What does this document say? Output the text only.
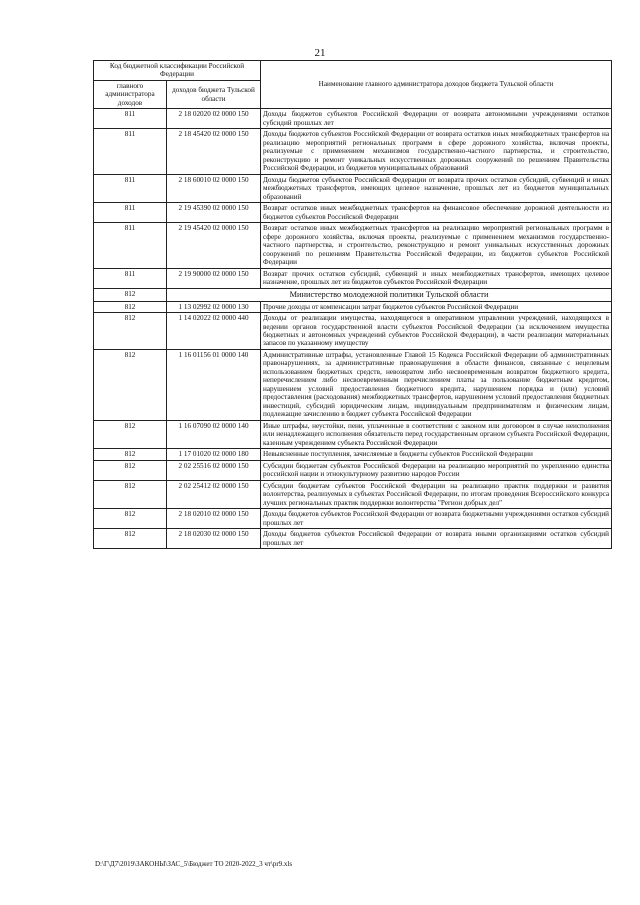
21
Код бюджетной классификации Российской Федерации		Наименование главного администратора доходов бюджета Тульской области
главного администратора доходов	доходов бюджета Тульской области	
811	2 18 02020 02 0000 150	Доходы бюджетов субъектов Российской Федерации от возврата автономными учреждениями остатков субсидий прошлых лет
811	2 18 45420 02 0000 150	Доходы бюджетов субъектов Российской Федерации от возврата остатков иных межбюджетных трансфертов на реализацию мероприятий региональных программ в сфере дорожного хозяйства, включая проекты, реализуемые с применением механизмов государственно-частного партнерства, и строительство, реконструкцию и ремонт уникальных искусственных дорожных сооружений по решениям Правительства Российской Федерации, из бюджетов муниципальных образований
811	2 18 60010 02 0000 150	Доходы бюджетов субъектов Российской Федерации от возврата прочих остатков субсидий, субвенций и иных межбюджетных трансфертов, имеющих целевое назначение, прошлых лет из бюджетов муниципальных образований
811	2 19 45390 02 0000 150	Возврат остатков иных межбюджетных трансфертов на финансовое обеспечение дорожной деятельности из бюджетов субъектов Российской Федерации
811	2 19 45420 02 0000 150	Возврат остатков иных межбюджетных трансфертов на реализацию мероприятий региональных программ в сфере дорожного хозяйства, включая проекты, реализуемые с применением механизмов государственно-частного партнерства, и строительство, реконструкцию и ремонт уникальных искусственных дорожных сооружений по решениям Правительства Российской Федерации, из бюджетов субъектов Российской Федерации
811	2 19 90000 02 0000 150	Возврат прочих остатков субсидий, субвенций и иных межбюджетных трансфертов, имеющих целевое назначение, прошлых лет из бюджетов субъектов Российской Федерации
812	Министерство молодежной политики Тульской области	
812	1 13 02992 02 0000 130	Прочие доходы от компенсации затрат бюджетов субъектов Российской Федерации
812	1 14 02022 02 0000 440	Доходы от реализации имущества, находящегося в оперативном управлении учреждений, находящихся в ведении органов государственной власти субъектов Российской Федерации (за исключением имущества бюджетных и автономных учреждений субъектов Российской Федерации), в части реализации материальных запасов по указанному имуществу
812	1 16 01156 01 0000 140	Административные штрафы, установленные Главой 15 Кодекса Российской Федерации об административных правонарушениях, за административные правонарушения в области финансов, связанные с нецелевым использованием бюджетных средств, невозвратом либо несвоевременным возвратом бюджетного кредита, неперечислением либо несвоевременным перечислением платы за пользование бюджетным кредитом, нарушением условий предоставления бюджетного кредита, нарушением порядка и (или) условий предоставления (расходования) межбюджетных трансфертов, нарушением условий предоставления бюджетных инвестиций, субсидий юридическим лицам, индивидуальным предпринимателям и физическим лицам, подлежащие зачислению в бюджет субъекта Российской Федерации
812	1 16 07090 02 0000 140	Иные штрафы, неустойки, пени, уплаченные в соответствии с законом или договором в случае неисполнения или ненадлежащего исполнения обязательств перед государственным органом субъекта Российской Федерации, казенным учреждением субъекта Российской Федерации
812	1 17 01020 02 0000 180	Невыясненные поступления, зачисляемые в бюджеты субъектов Российской Федерации
812	2 02 25516 02 0000 150	Субсидии бюджетам субъектов Российской Федерации на реализацию мероприятий по укреплению единства российской нации и этнокультурному развитию народов России
812	2 02 25412 02 0000 150	Субсидии бюджетам субъектов Российской Федерации на реализацию практик поддержки и развития волонтерства, реализуемых в субъектах Российской Федерации, по итогам проведения Всероссийского конкурса лучших региональных практик поддержки волонтерства "Регион добрых дел"
812	2 18 02010 02 0000 150	Доходы бюджетов субъектов Российской Федерации от возврата бюджетными учреждениями остатков субсидий прошлых лет
812	2 18 02030 02 0000 150	Доходы бюджетов субъектов Российской Федерации от возврата иными организациями остатков субсидий прошлых лет
D:\Г\Д7\2019\ЗАКОНЫ\ЗАС_5\Бюджет ТО 2020-2022_3 чт\pr9.xls
